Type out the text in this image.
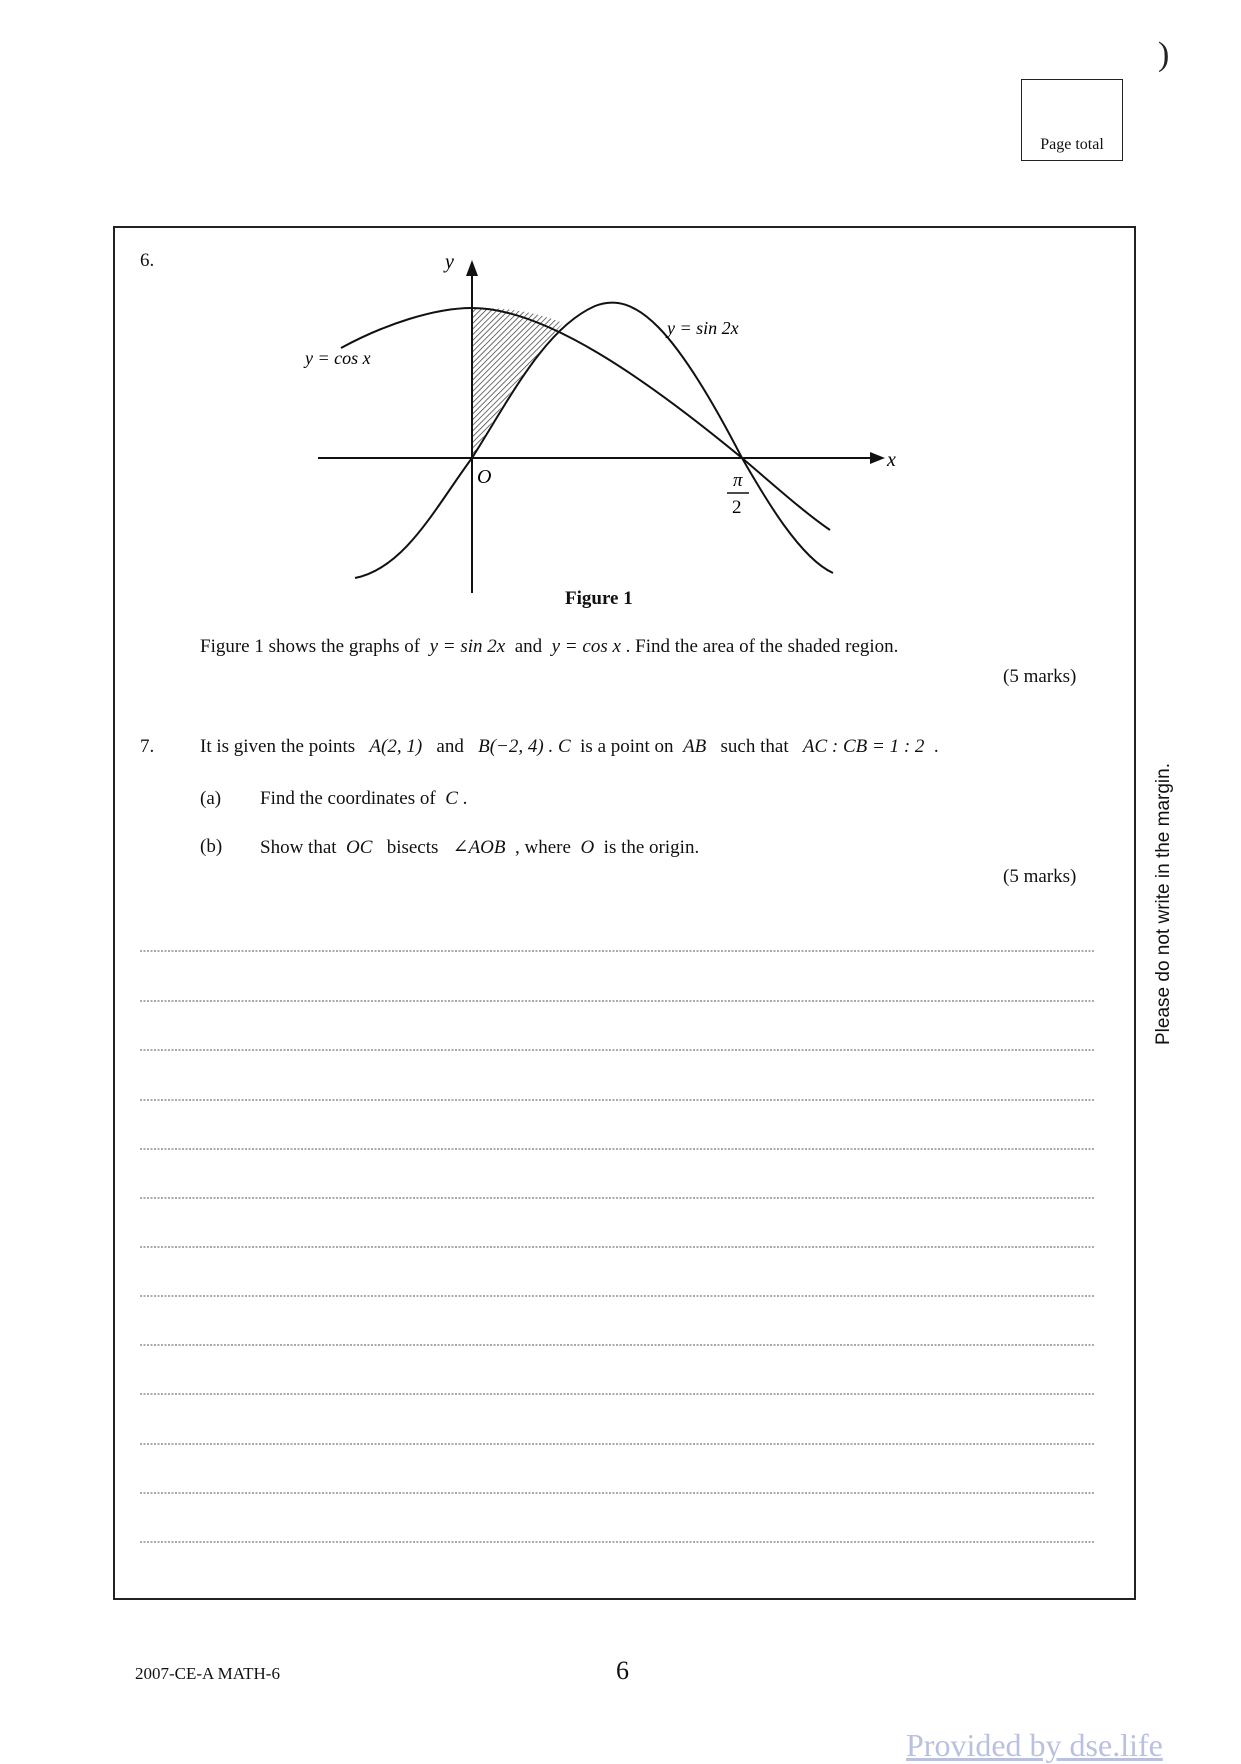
)
Page total
6.	y
x
O	π
2
y = cos x
y = sin 2x
Figure 1
Figure 1 shows the graphs of y = sin 2x and y = cos x . Find the area of the shaded region.
(5 marks)
7. It is given the points A(2, 1) and B(−2, 4) . C is a point on AB such that AC : CB = 1 : 2 .
(a) Find the coordinates of C .
(b) Show that OC bisects ∠AOB , where O is the origin.
(5 marks)	Please do not write in the margin.
2007-CE-A MATH-6	6
Provided by dse.life
